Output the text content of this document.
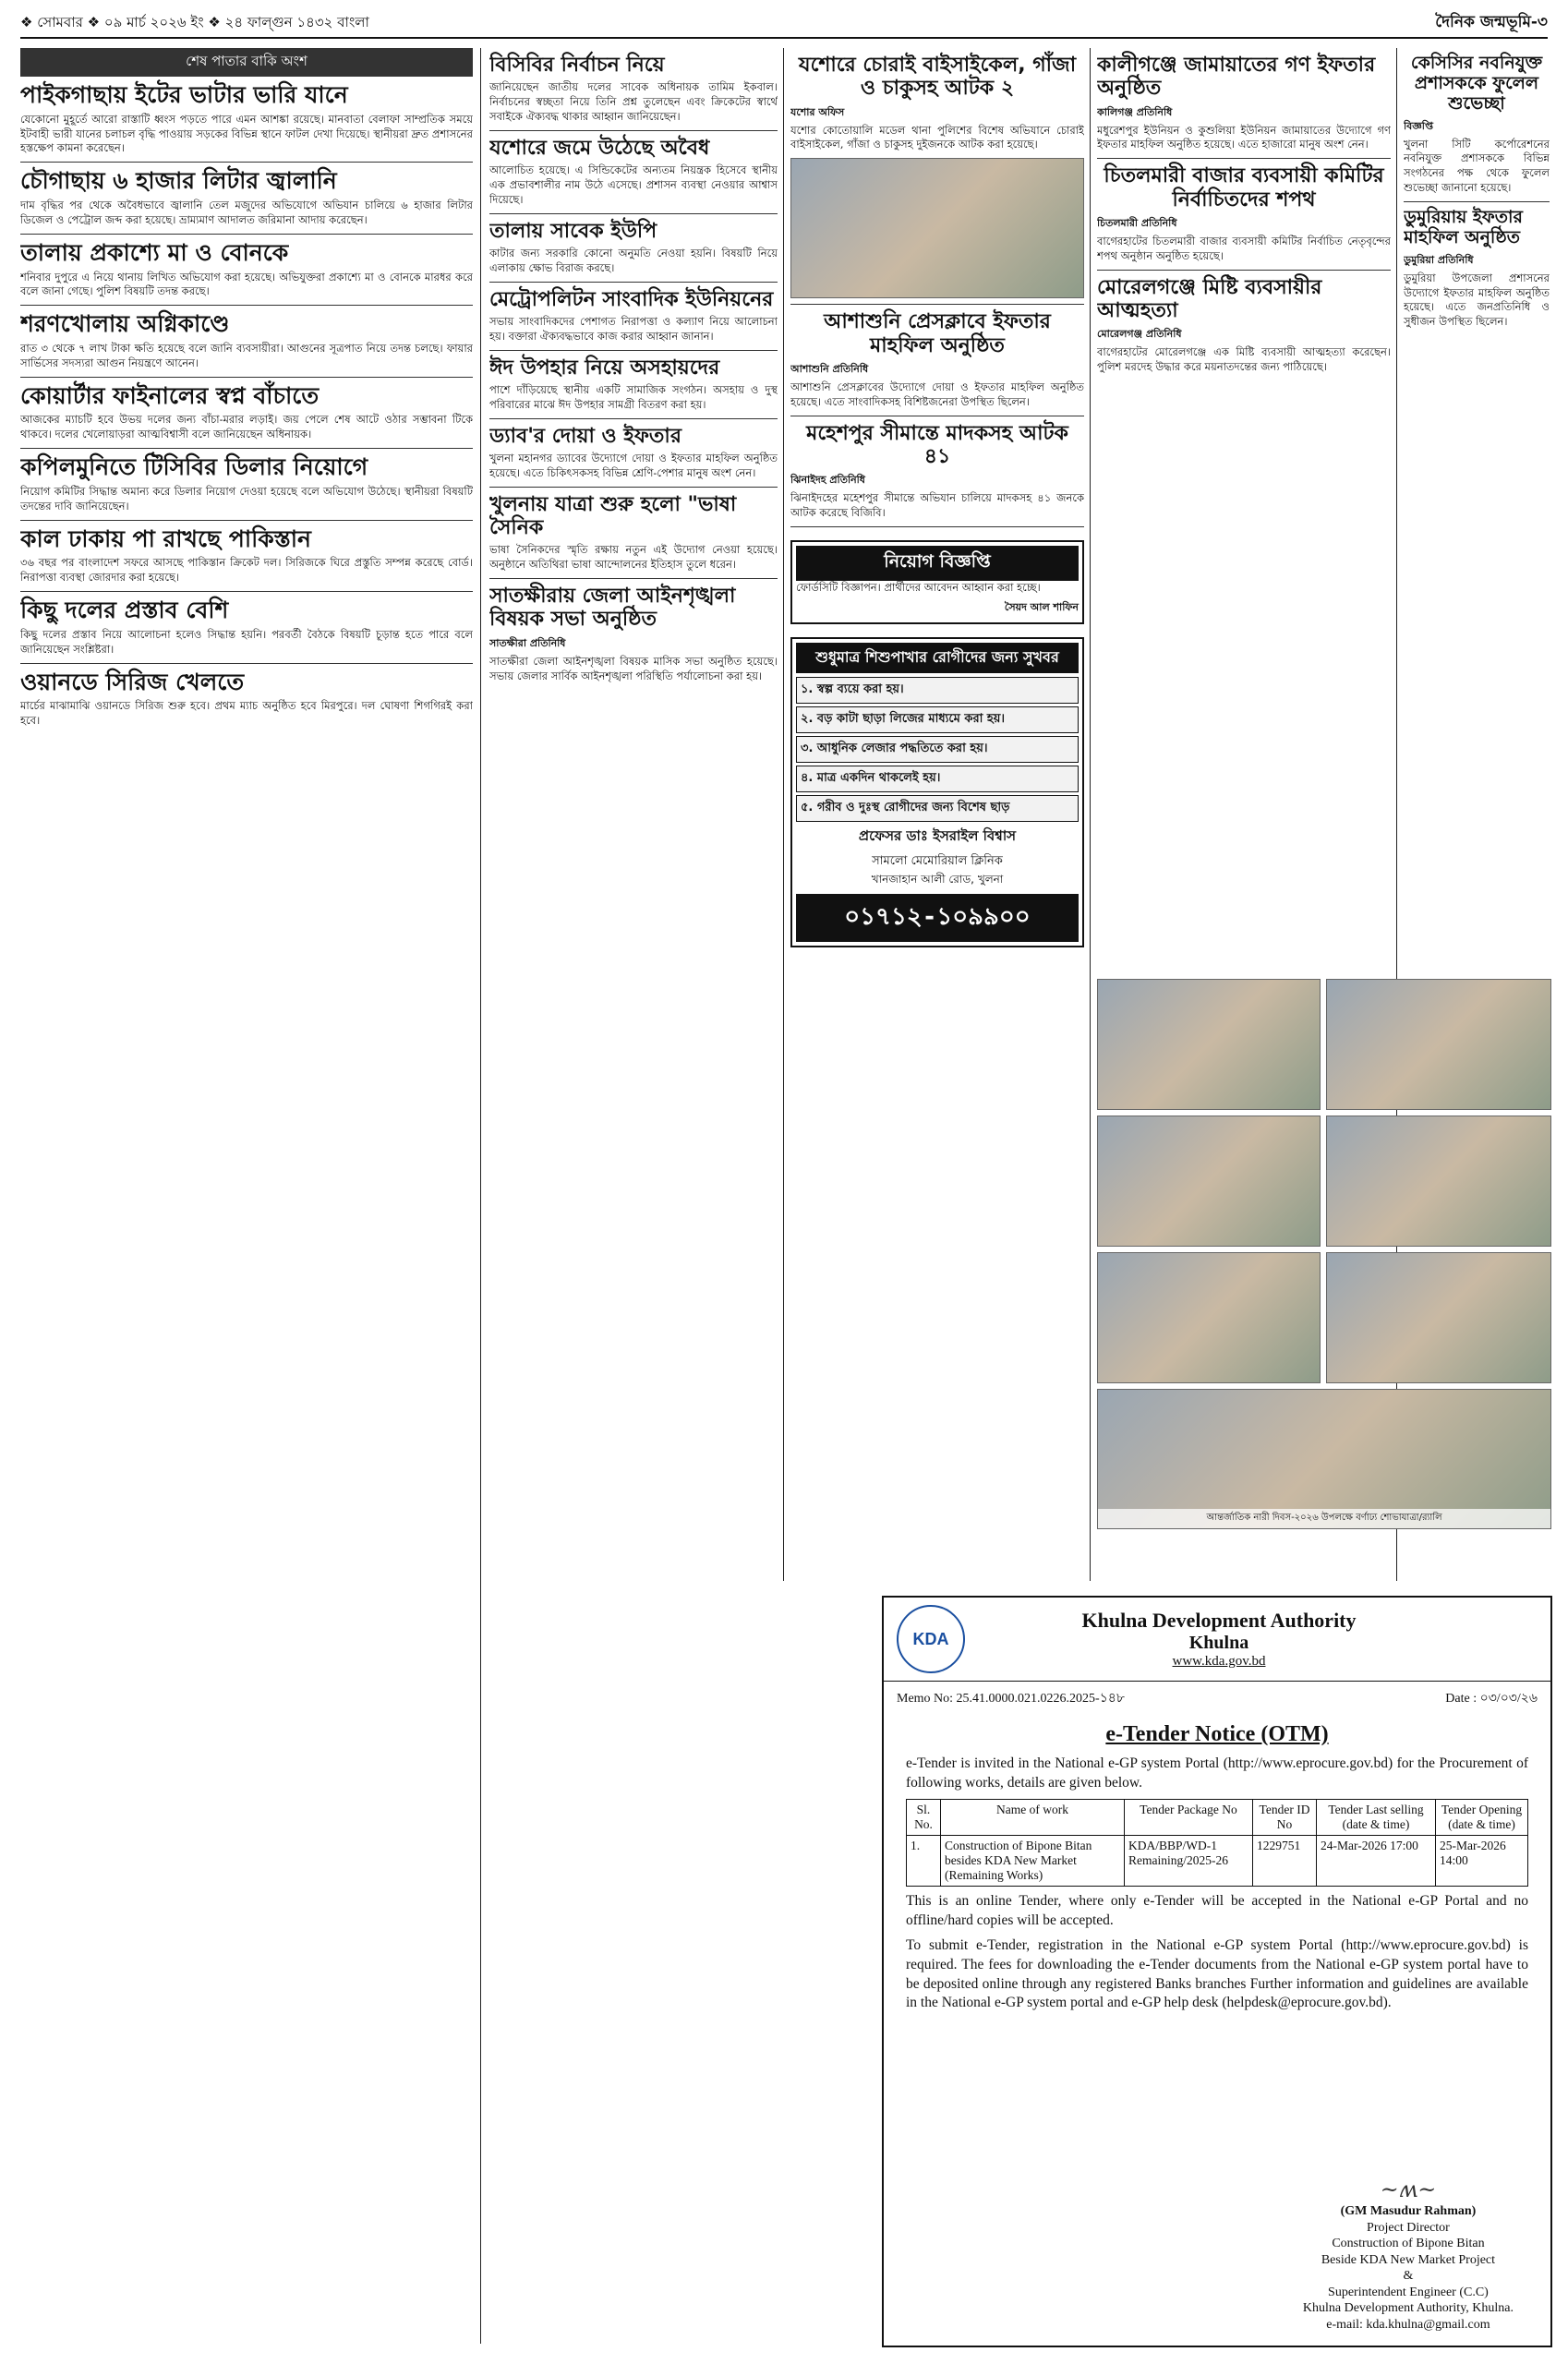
❖ সোমবার ❖ ০৯ মার্চ ২০২৬ ইং ❖ ২৪ ফাল্গুন ১৪৩২ বাংলা	দৈনিক জন্মভূমি-৩
শেষ পাতার বাকি অংশ
পাইকগাছায় ইটের ভাটার ভারি যানে

যেকোনো মুহূর্তে আরো রাস্তাটি ধ্বংস পড়তে পারে এমন আশঙ্কা রয়েছে। মানবাতা বেলাফা সাম্প্রতিক সময়ে ইটবাহী ভারী যানের চলাচল বৃদ্ধি পাওয়ায় সড়কের বিভিন্ন স্থানে ফাটল দেখা দিয়েছে। স্থানীয়রা দ্রুত প্রশাসনের হস্তক্ষেপ কামনা করেছেন।

চৌগাছায় ৬ হাজার লিটার জ্বালানি

দাম বৃদ্ধির পর থেকে অবৈধভাবে জ্বালানি তেল মজুদের অভিযোগে অভিযান চালিয়ে ৬ হাজার লিটার ডিজেল ও পেট্রোল জব্দ করা হয়েছে। ভ্রাম্যমাণ আদালত জরিমানা আদায় করেছেন।

তালায় প্রকাশ্যে মা ও বোনকে

শনিবার দুপুরে এ নিয়ে থানায় লিখিত অভিযোগ করা হয়েছে। অভিযুক্তরা প্রকাশ্যে মা ও বোনকে মারধর করে বলে জানা গেছে। পুলিশ বিষয়টি তদন্ত করছে।

শরণখোলায় অগ্নিকাণ্ডে

রাত ৩ থেকে ৭ লাখ টাকা ক্ষতি হয়েছে বলে জানি ব্যবসায়ীরা। আগুনের সূত্রপাত নিয়ে তদন্ত চলছে। ফায়ার সার্ভিসের সদস্যরা আগুন নিয়ন্ত্রণে আনেন।

কোয়ার্টার ফাইনালের স্বপ্ন বাঁচাতে

আজকের ম্যাচটি হবে উভয় দলের জন্য বাঁচা-মরার লড়াই। জয় পেলে শেষ আটে ওঠার সম্ভাবনা টিকে থাকবে। দলের খেলোয়াড়রা আত্মবিশ্বাসী বলে জানিয়েছেন অধিনায়ক।

কপিলমুনিতে টিসিবির ডিলার নিয়োগে

নিয়োগ কমিটির সিদ্ধান্ত অমান্য করে ডিলার নিয়োগ দেওয়া হয়েছে বলে অভিযোগ উঠেছে। স্থানীয়রা বিষয়টি তদন্তের দাবি জানিয়েছেন।

কাল ঢাকায় পা রাখছে পাকিস্তান

৩৬ বছর পর বাংলাদেশ সফরে আসছে পাকিস্তান ক্রিকেট দল। সিরিজকে ঘিরে প্রস্তুতি সম্পন্ন করেছে বোর্ড। নিরাপত্তা ব্যবস্থা জোরদার করা হয়েছে।

কিছু দলের প্রস্তাব বেশি

কিছু দলের প্রস্তাব নিয়ে আলোচনা হলেও সিদ্ধান্ত হয়নি। পরবর্তী বৈঠকে বিষয়টি চূড়ান্ত হতে পারে বলে জানিয়েছেন সংশ্লিষ্টরা।

ওয়ানডে সিরিজ খেলতে

মার্চের মাঝামাঝি ওয়ানডে সিরিজ শুরু হবে। প্রথম ম্যাচ অনুষ্ঠিত হবে মিরপুরে। দল ঘোষণা শিগগিরই করা হবে।

বিসিবির নির্বাচন নিয়ে

জানিয়েছেন জাতীয় দলের সাবেক অধিনায়ক তামিম ইকবাল। নির্বাচনের স্বচ্ছতা নিয়ে তিনি প্রশ্ন তুলেছেন এবং ক্রিকেটের স্বার্থে সবাইকে ঐক্যবদ্ধ থাকার আহ্বান জানিয়েছেন।

যশোরে জমে উঠেছে অবৈধ

আলোচিত হয়েছে। এ সিন্ডিকেটের অন্যতম নিয়ন্ত্রক হিসেবে স্থানীয় এক প্রভাবশালীর নাম উঠে এসেছে। প্রশাসন ব্যবস্থা নেওয়ার আশ্বাস দিয়েছে।

তালায় সাবেক ইউপি

কাটার জন্য সরকারি কোনো অনুমতি নেওয়া হয়নি। বিষয়টি নিয়ে এলাকায় ক্ষোভ বিরাজ করছে।

মেট্রোপলিটন সাংবাদিক ইউনিয়নের

সভায় সাংবাদিকদের পেশাগত নিরাপত্তা ও কল্যাণ নিয়ে আলোচনা হয়। বক্তারা ঐক্যবদ্ধভাবে কাজ করার আহ্বান জানান।

ঈদ উপহার নিয়ে অসহায়দের

পাশে দাঁড়িয়েছে স্থানীয় একটি সামাজিক সংগঠন। অসহায় ও দুস্থ পরিবারের মাঝে ঈদ উপহার সামগ্রী বিতরণ করা হয়।

ড্যাব'র দোয়া ও ইফতার

খুলনা মহানগর ড্যাবের উদ্যোগে দোয়া ও ইফতার মাহফিল অনুষ্ঠিত হয়েছে। এতে চিকিৎসকসহ বিভিন্ন শ্রেণি-পেশার মানুষ অংশ নেন।

খুলনায় যাত্রা শুরু হলো "ভাষা সৈনিক

ভাষা সৈনিকদের স্মৃতি রক্ষায় নতুন এই উদ্যোগ নেওয়া হয়েছে। অনুষ্ঠানে অতিথিরা ভাষা আন্দোলনের ইতিহাস তুলে ধরেন।

সাতক্ষীরায় জেলা আইনশৃঙ্খলা বিষয়ক সভা অনুষ্ঠিত
সাতক্ষীরা প্রতিনিধি

সাতক্ষীরা জেলা আইনশৃঙ্খলা বিষয়ক মাসিক সভা অনুষ্ঠিত হয়েছে। সভায় জেলার সার্বিক আইনশৃঙ্খলা পরিস্থিতি পর্যালোচনা করা হয়।

যশোরে চোরাই বাইসাইকেল, গাঁজা ও চাকুসহ আটক ২
যশোর অফিস

যশোর কোতোয়ালি মডেল থানা পুলিশের বিশেষ অভিযানে চোরাই বাইসাইকেল, গাঁজা ও চাকুসহ দুইজনকে আটক করা হয়েছে।

আশাশুনি প্রেসক্লাবে ইফতার মাহফিল অনুষ্ঠিত
আশাশুনি প্রতিনিধি

আশাশুনি প্রেসক্লাবের উদ্যোগে দোয়া ও ইফতার মাহফিল অনুষ্ঠিত হয়েছে। এতে সাংবাদিকসহ বিশিষ্টজনেরা উপস্থিত ছিলেন।

মহেশপুর সীমান্তে মাদকসহ আটক ৪১
ঝিনাইদহ প্রতিনিধি

ঝিনাইদহের মহেশপুর সীমান্তে অভিযান চালিয়ে মাদকসহ ৪১ জনকে আটক করেছে বিজিবি।

নিয়োগ বিজ্ঞপ্তি

ফোর্ডসিটি বিজ্ঞাপন। প্রার্থীদের আবেদন আহ্বান করা হচ্ছে।

সৈয়দ আল শাফিন
শুধুমাত্র শিশুপাখার রোগীদের জন্য সুখবর
১. স্বল্প ব্যয়ে করা হয়।
২. বড় কাটা ছাড়া লিজের মাধ্যমে করা হয়।
৩. আধুনিক লেজার পদ্ধতিতে করা হয়।
৪. মাত্র একদিন থাকলেই হয়।
৫. গরীব ও দুঃস্থ রোগীদের জন্য বিশেষ ছাড়
প্রফেসর ডাঃ ইসরাইল বিশ্বাস
সামলো মেমোরিয়াল ক্লিনিক
খানজাহান আলী রোড, খুলনা
০১৭১২-১০৯৯০০
কালীগঞ্জে জামায়াতের গণ ইফতার অনুষ্ঠিত
কালিগঞ্জ প্রতিনিধি

মধুরেশপুর ইউনিয়ন ও কুশুলিয়া ইউনিয়ন জামায়াতের উদ্যোগে গণ ইফতার মাহফিল অনুষ্ঠিত হয়েছে। এতে হাজারো মানুষ অংশ নেন।

চিতলমারী বাজার ব্যবসায়ী কমিটির নির্বাচিতদের শপথ
চিতলমারী প্রতিনিধি

বাগেরহাটের চিতলমারী বাজার ব্যবসায়ী কমিটির নির্বাচিত নেতৃবৃন্দের শপথ অনুষ্ঠান অনুষ্ঠিত হয়েছে।

মোরেলগঞ্জে মিষ্টি ব্যবসায়ীর আত্মহত্যা
মোরেলগঞ্জ প্রতিনিধি

বাগেরহাটের মোরেলগঞ্জে এক মিষ্টি ব্যবসায়ী আত্মহত্যা করেছেন। পুলিশ মরদেহ উদ্ধার করে ময়নাতদন্তের জন্য পাঠিয়েছে।

কেসিসির নবনিযুক্ত প্রশাসককে ফুলেল শুভেচ্ছা
বিজ্ঞপ্তি

খুলনা সিটি কর্পোরেশনের নবনিযুক্ত প্রশাসককে বিভিন্ন সংগঠনের পক্ষ থেকে ফুলেল শুভেচ্ছা জানানো হয়েছে।

ডুমুরিয়ায় ইফতার মাহফিল অনুষ্ঠিত
ডুমুরিয়া প্রতিনিধি

ডুমুরিয়া উপজেলা প্রশাসনের উদ্যোগে ইফতার মাহফিল অনুষ্ঠিত হয়েছে। এতে জনপ্রতিনিধি ও সুধীজন উপস্থিত ছিলেন।

আন্তর্জাতিক নারী দিবস-২০২৬ উপলক্ষে বর্ণাঢ্য শোভাযাত্রা/র‍্যালি
KDA
Khulna Development Authority
Khulna
www.kda.gov.bd
Memo No: 25.41.0000.021.0226.2025-১৪৮	Date : ০৩/০৩/২৬
e-Tender Notice (OTM)

e-Tender is invited in the National e-GP system Portal (http://www.eprocure.gov.bd) for the Procurement of following works, details are given below.

Sl. No.	Name of work	Tender Package No	Tender ID No	Tender Last selling (date & time)	Tender Opening (date & time)
1.	Construction of Bipone Bitan besides KDA New Market (Remaining Works)	KDA/BBP/WD-1 Remaining/2025-26	1229751	24-Mar-2026 17:00	25-Mar-2026 14:00

This is an online Tender, where only e-Tender will be accepted in the National e-GP Portal and no offline/hard copies will be accepted.

To submit e-Tender, registration in the National e-GP system Portal (http://www.eprocure.gov.bd) is required. The fees for downloading the e-Tender documents from the National e-GP system portal have to be deposited online through any registered Banks branches Further information and guidelines are available in the National e-GP system portal and e-GP help desk (helpdesk@eprocure.gov.bd).

~ʍ~
(GM Masudur Rahman)
Project Director
Construction of Bipone Bitan
Beside KDA New Market Project
&
Superintendent Engineer (C.C)
Khulna Development Authority, Khulna.
e-mail: kda.khulna@gmail.com
